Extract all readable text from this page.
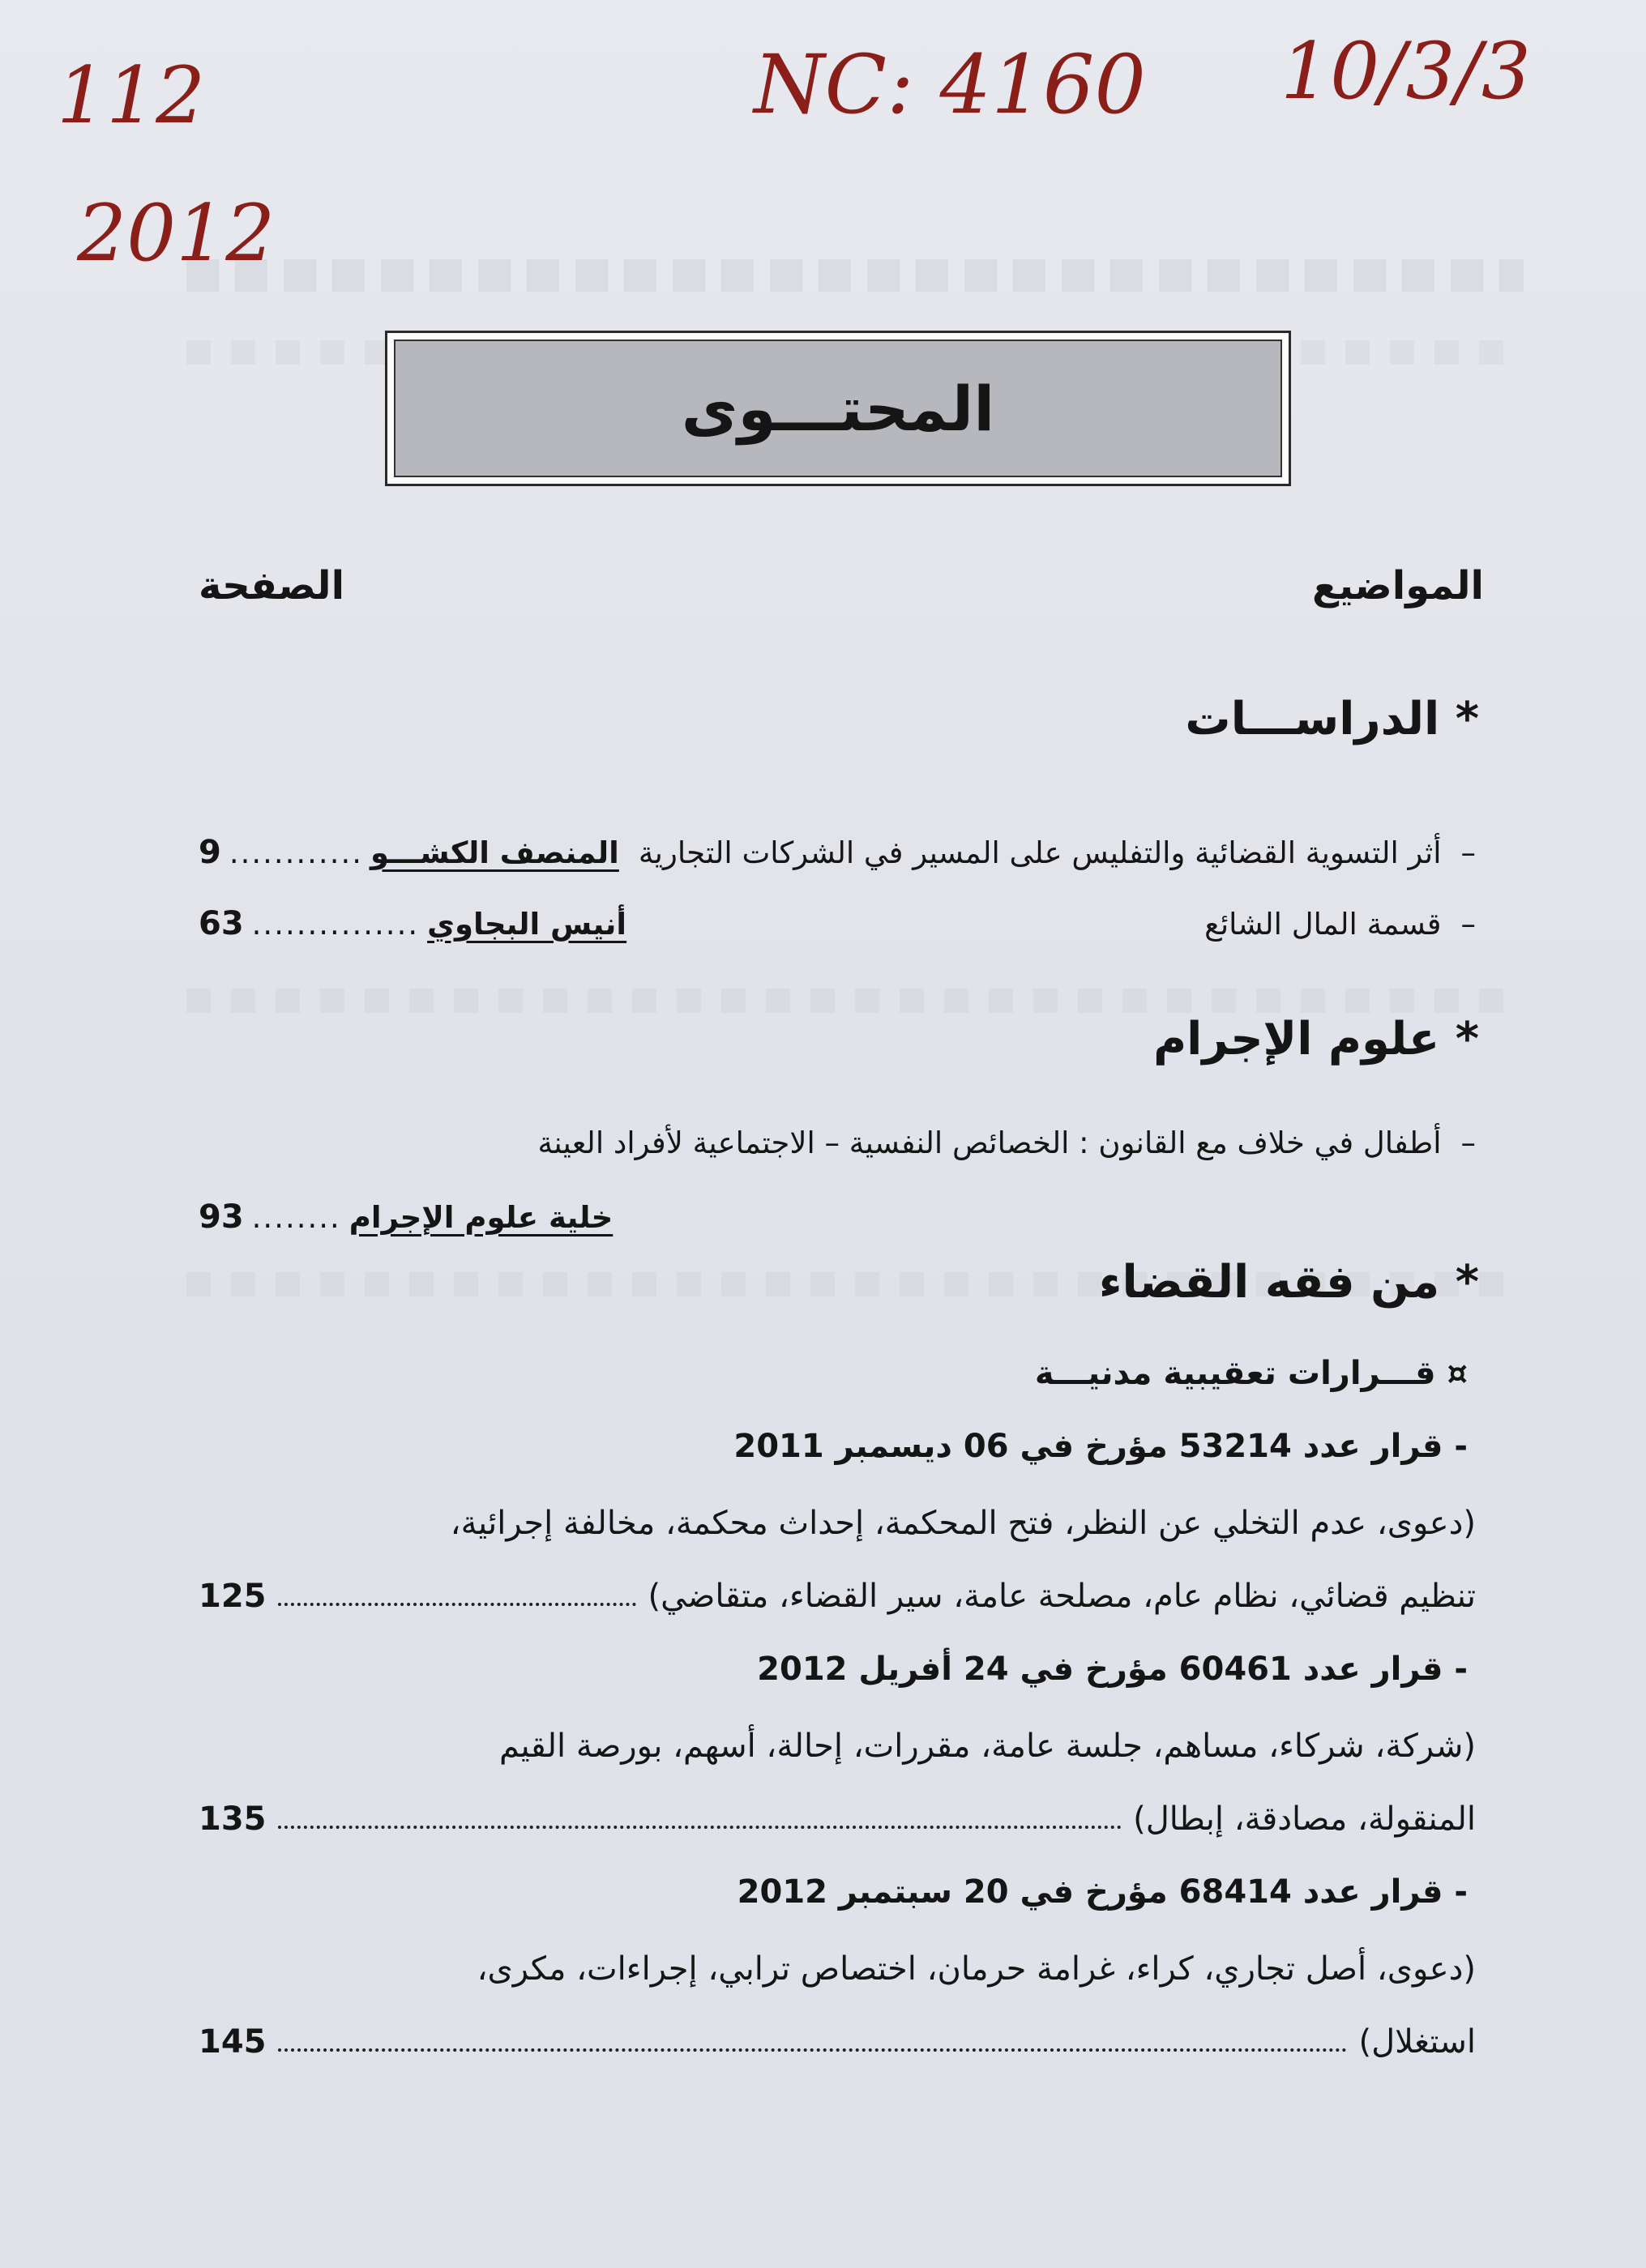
112
2012
NC: 4160 10/3/3
المحتـــوى
المواضيع
الصفحة
* الدراســـات
–
أثر التسوية القضائية والتفليس على المسير في الشركات التجارية
المنصف الكشـــو
9 ............
–
قسمة المال الشائع
63 ............... أنيس البجاوي
* علوم الإجرام
–
أطفال في خلاف مع القانون : الخصائص النفسية – الاجتماعية لأفراد العينة
93 ........ خلية علوم الإجرام
* من فقه القضاء
¤ قـــرارات تعقيبية مدنيـــة
- قرار عدد 53214 مؤرخ في 06 ديسمبر 2011
(دعوى، عدم التخلي عن النظر، فتح المحكمة، إحداث محكمة، مخالفة إجرائية،
تنظيم قضائي، نظام عام، مصلحة عامة، سير القضاء، متقاضي)
125
- قرار عدد 60461 مؤرخ في 24 أفريل 2012
(شركة، شركاء، مساهم، جلسة عامة، مقررات، إحالة، أسهم، بورصة القيم
المنقولة، مصادقة، إبطال)
135
- قرار عدد 68414 مؤرخ في 20 سبتمبر 2012
(دعوى، أصل تجاري، كراء، غرامة حرمان، اختصاص ترابي، إجراءات، مكرى،
استغلال)
145
